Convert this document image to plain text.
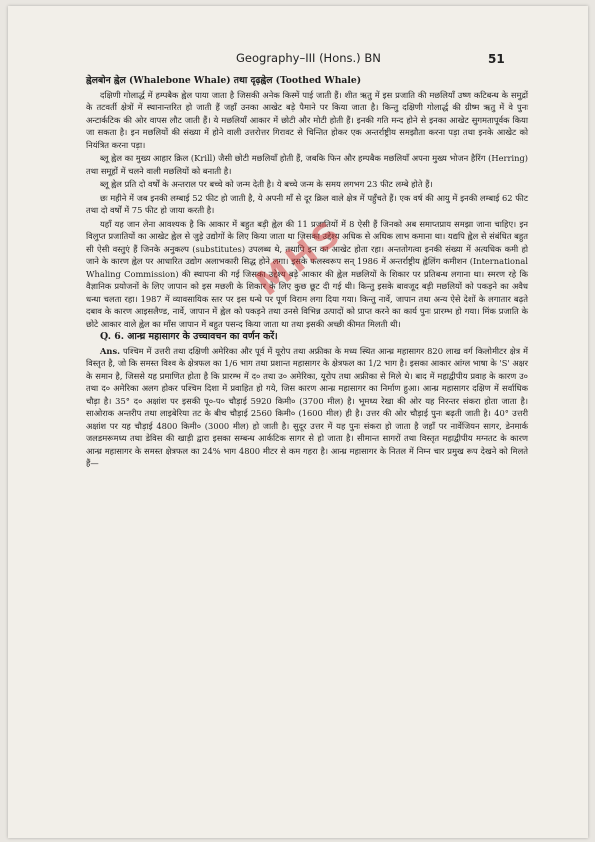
Geography–III (Hons.) BN	51

ह्वेलबोन ह्वेल (Whalebone Whale) तथा दृढ़ह्वेल (Toothed Whale)

दक्षिणी गोलार्द्ध में हम्पबैक ह्वेल पाया जाता है जिसकी अनेक किस्में पाई जाती हैं। शीत ऋतु में इस प्रजाति की मछलियाँ उष्ण कटिबन्ध के समुद्रों के तटवर्ती क्षेत्रों में स्थानान्तरित हो जाती हैं जहाँ उनका आखेट बड़े पैमाने पर किया जाता है। किन्तु दक्षिणी गोलार्द्ध की ग्रीष्म ऋतु में वे पुनः अन्टार्कटिक की ओर वापस लौट जाती हैं। ये मछलियाँ आकार में छोटी और मोटी होती हैं। इनकी गति मन्द होने से इनका आखेट सुगमतापूर्वक किया जा सकता है। इन मछलियों की संख्या में होने वाली उत्तरोत्तर गिरावट से चिन्तित होकर एक अन्तर्राष्ट्रीय समझौता करना पड़ा तथा इनके आखेट को नियंत्रित करना पड़ा।

ब्लू ह्वेल का मुख्य आहार क्रिल (Krill) जैसी छोटी मछलियाँ होती हैं, जबकि फिन और हम्पबैक मछलियाँ अपना मुख्य भोजन हैरिंग (Herring) तथा समूहों में चलने वाली मछलियों को बनाती है।

ब्लू ह्वेल प्रति दो वर्षों के अन्तराल पर बच्चे को जन्म देती है। ये बच्चे जन्म के समय लगभग 23 फीट लम्बे होते हैं।

छः महीने में जब इनकी लम्बाई 52 फीट हो जाती है, ये अपनी माँ से दूर क्रिल वाले क्षेत्र में पहुँचते हैं। एक वर्ष की आयु में इनकी लम्बाई 62 फीट तथा दो वर्षों में 75 फीट हो जाया करती है।

यहाँ यह जान लेना आवश्यक है कि आकार में बहुत बड़ी ह्वेल की 11 प्रजातियों में 8 ऐसी हैं जिनको अब समाप्तप्राय समझा जाना चाहिए। इन विलुप्त प्रजातियों का आखेट ह्वेल से जुड़े उद्योगों के लिए किया जाता था जिसका उद्देश्य अधिक से अधिक लाभ कमाना था। यद्यपि ह्वेल से संबंधित बहुत सी ऐसी वस्तुएं हैं जिनके अनुकल्प (substitutes) उपलब्ध थे, तथापि इन का आखेट होता रहा। अन्ततोगत्वा इनकी संख्या में अत्यधिक कमी हो जाने के कारण ह्वेल पर आधारित उद्योग अलाभकारी सिद्ध होने लगा। इसके फलस्वरूप सन् 1986 में अन्तर्राष्ट्रीय ह्वेलिंग कमीशन (International Whaling Commission) की स्थापना की गई जिसका उद्देश्य बड़े आकार की ह्वेल मछलियों के शिकार पर प्रतिबन्ध लगाना था। स्मरण रहे कि वैज्ञानिक प्रयोजनों के लिए जापान को इस मछली के शिकार के लिए कुछ छूट दी गई थी। किन्तु इसके बावजूद बड़ी मछलियों को पकड़ने का अवैध धन्धा चलता रहा। 1987 में व्यावसायिक स्तर पर इस धन्धे पर पूर्ण विराम लगा दिया गया। किन्तु नार्वे, जापान तथा अन्य ऐसे देशों के लगातार बढ़ते दबाव के कारण आइसलैण्ड, नार्वे, जापान में ह्वेल को पकड़ने तथा उनसे विभिन्न उत्पादों को प्राप्त करने का कार्य पुनः प्रारम्भ हो गया। मिंक प्रजाति के छोटे आकार वाले ह्वेल का माँस जापान में बहुत पसन्द किया जाता था तथा इसकी अच्छी कीमत मिलती थी।

Q. 6. आन्ध्र महासागर के उच्चावचन का वर्णन करें।

Ans. पश्चिम में उत्तरी तथा दक्षिणी अमेरिका और पूर्व में यूरोप तथा अफ्रीका के मध्य स्थित आन्ध्र महासागर 820 लाख वर्ग किलोमीटर क्षेत्र में विस्तृत है, जो कि समस्त विश्व के क्षेत्रफल का 1/6 भाग तथा प्रशान्त महासागर के क्षेत्रफल का 1/2 भाग है। इसका आकार आंग्ल भाषा के 'S' अक्षर के समान है, जिससे यह प्रमाणित होता है कि प्रारम्भ में द० तथा उ० अमेरिका, यूरोप तथा अफ्रीका से मिले थे। बाद में महाद्वीपीय प्रवाह के कारण उ० तथा द० अमेरिका अलग होकर पश्चिम दिशा में प्रवाहित हो गये, जिस कारण आन्ध्र महासागर का निर्माण हुआ। आन्ध्र महासागर दक्षिण में सर्वाधिक चौड़ा है। 35° द० अक्षांश पर इसकी पू०-प० चौड़ाई 5920 किमी० (3700 मील) है। भूमध्य रेखा की ओर यह निरन्तर संकरा होता जाता है। साओराक अन्तरीप तथा लाइबेरिया तट के बीच चौड़ाई 2560 किमी० (1600 मील) ही है। उत्तर की ओर चौड़ाई पुनः बढ़ती जाती है। 40° उत्तरी अक्षांश पर यह चौड़ाई 4800 किमी० (3000 मील) हो जाती है। सुदूर उत्तर में यह पुनः संकरा हो जाता है जहाँ पर नार्वेजियन सागर, डेनमार्क जलडमरूमध्य तथा डेविस की खाड़ी द्वारा इसका सम्बन्ध आर्कटिक सागर से हो जाता है। सीमान्त सागरों तथा विस्तृत महाद्वीपीय मग्नतट के कारण आन्ध्र महासागर के समस्त क्षेत्रफल का 24% भाग 4800 मीटर से कम गहरा है। आन्ध्र महासागर के नितल में निम्न चार प्रमुख रूप देखने को मिलते हैं—

MHS
